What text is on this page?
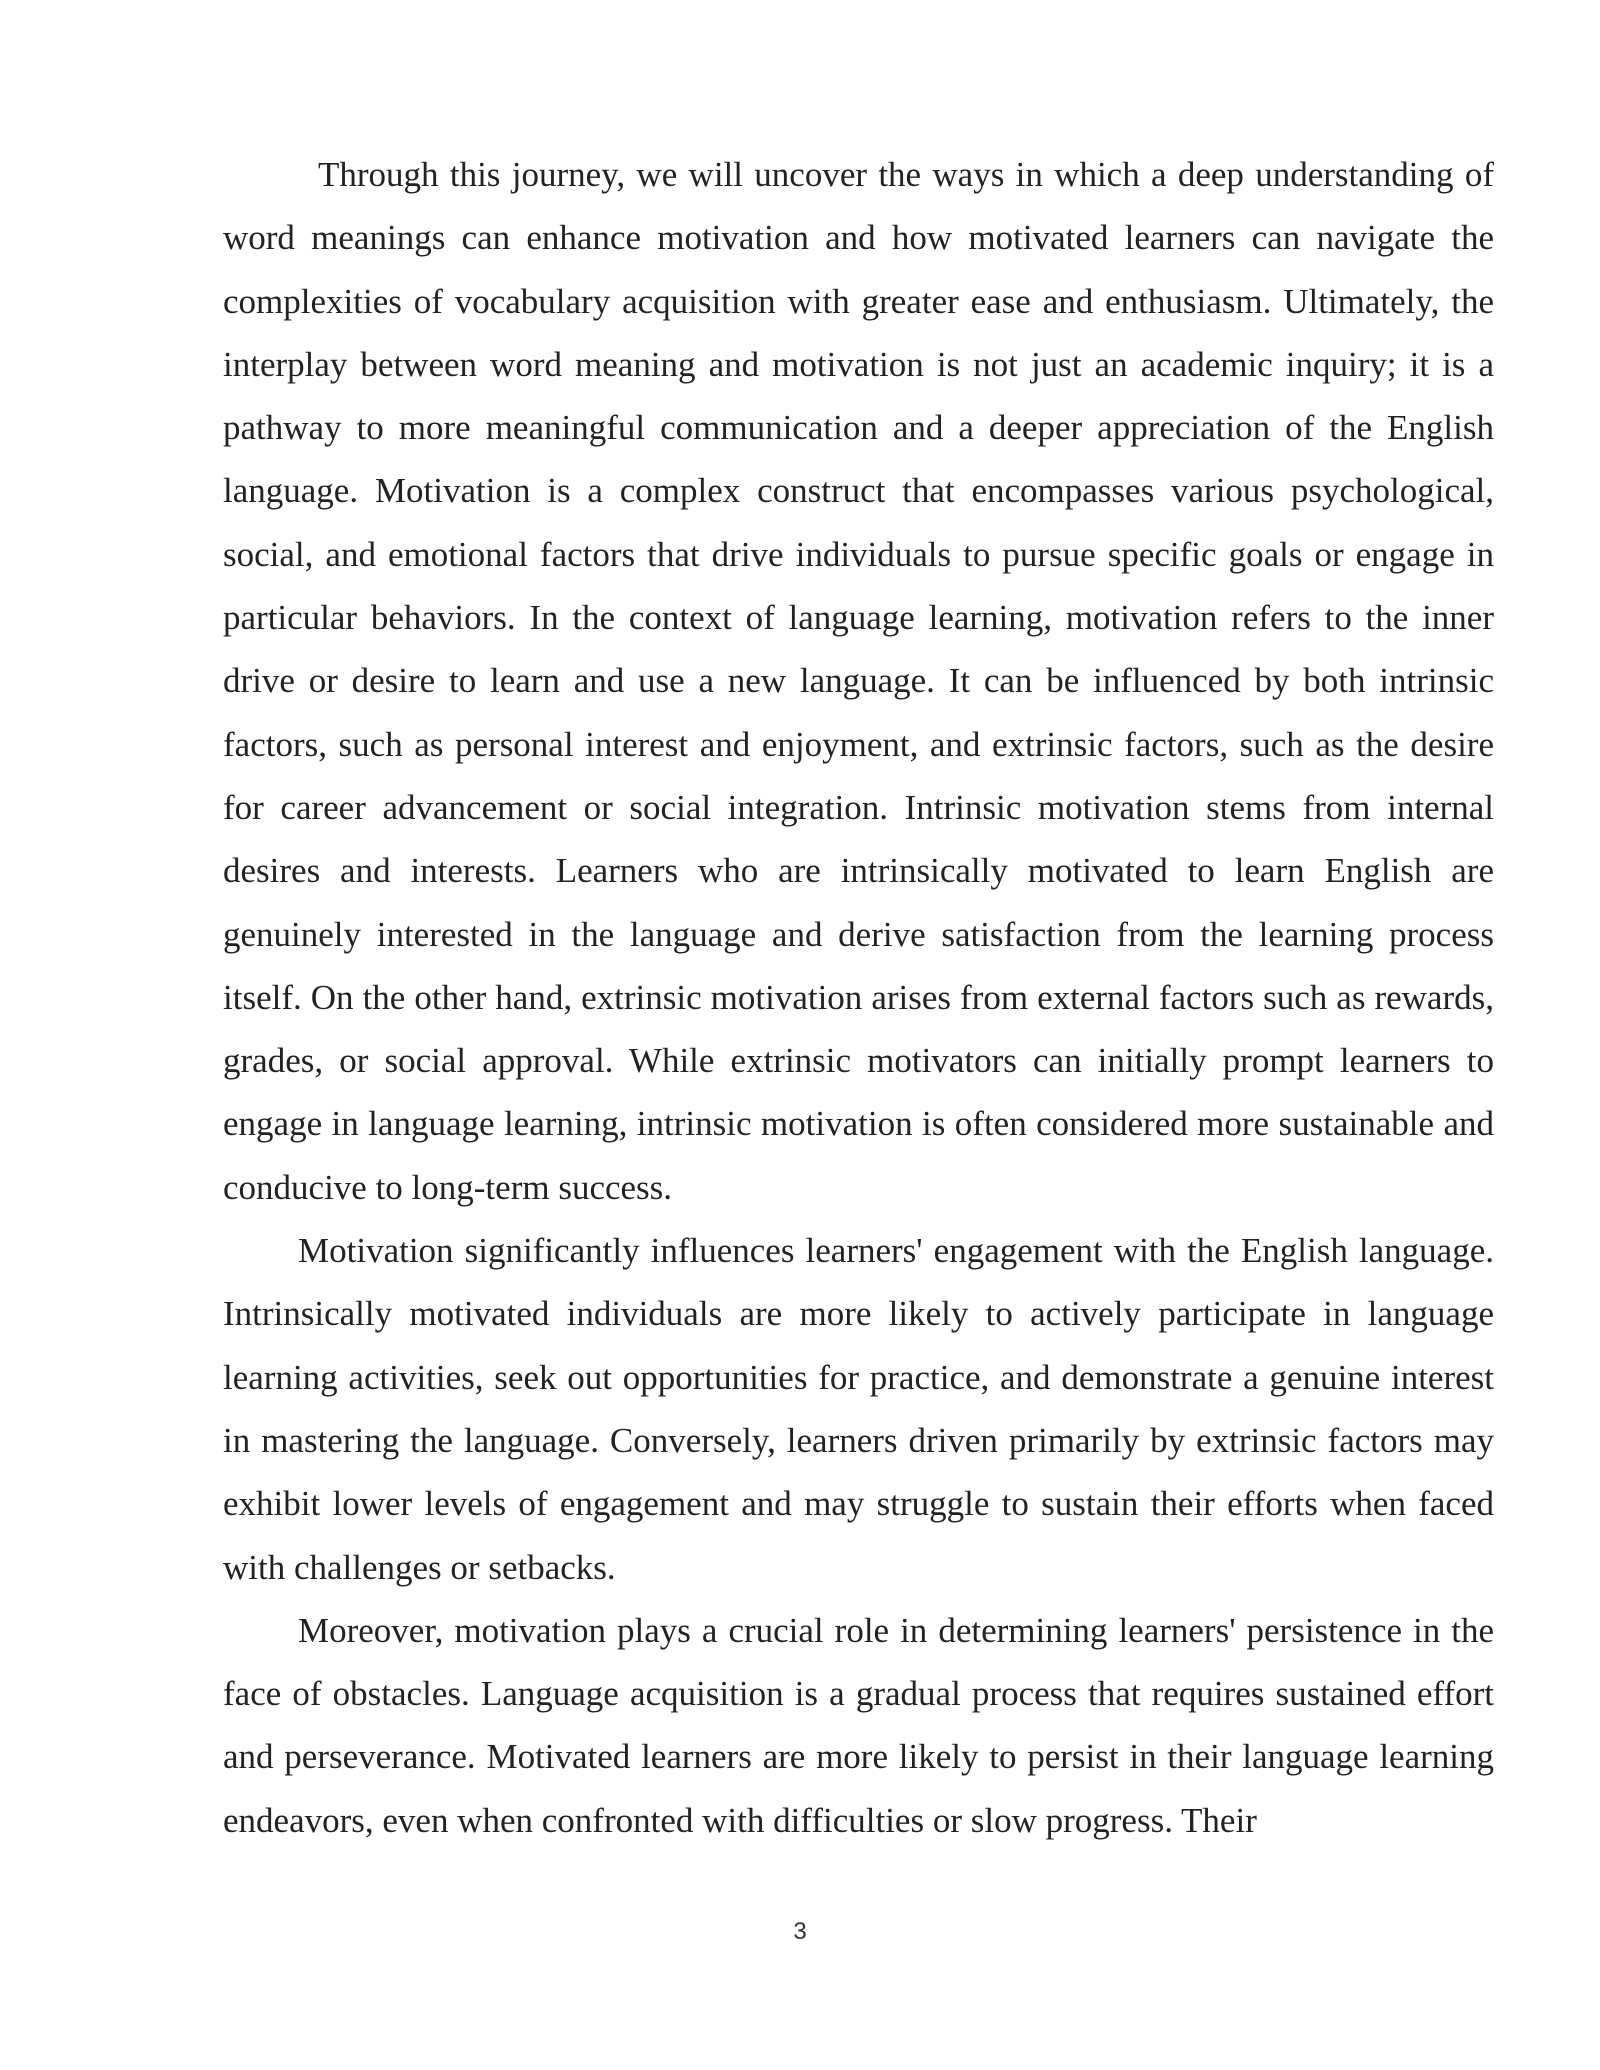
Through this journey, we will uncover the ways in which a deep understanding of word meanings can enhance motivation and how motivated learners can navigate the complexities of vocabulary acquisition with greater ease and enthusiasm. Ultimately, the interplay between word meaning and motivation is not just an academic inquiry; it is a pathway to more meaningful communication and a deeper appreciation of the English language. Motivation is a complex construct that encompasses various psychological, social, and emotional factors that drive individuals to pursue specific goals or engage in particular behaviors. In the context of language learning, motivation refers to the inner drive or desire to learn and use a new language. It can be influenced by both intrinsic factors, such as personal interest and enjoyment, and extrinsic factors, such as the desire for career advancement or social integration. Intrinsic motivation stems from internal desires and interests. Learners who are intrinsically motivated to learn English are genuinely interested in the language and derive satisfaction from the learning process itself. On the other hand, extrinsic motivation arises from external factors such as rewards, grades, or social approval. While extrinsic motivators can initially prompt learners to engage in language learning, intrinsic motivation is often considered more sustainable and conducive to long-term success.

Motivation significantly influences learners' engagement with the English language. Intrinsically motivated individuals are more likely to actively participate in language learning activities, seek out opportunities for practice, and demonstrate a genuine interest in mastering the language. Conversely, learners driven primarily by extrinsic factors may exhibit lower levels of engagement and may struggle to sustain their efforts when faced with challenges or setbacks.

Moreover, motivation plays a crucial role in determining learners' persistence in the face of obstacles. Language acquisition is a gradual process that requires sustained effort and perseverance. Motivated learners are more likely to persist in their language learning endeavors, even when confronted with difficulties or slow progress. Their

3
